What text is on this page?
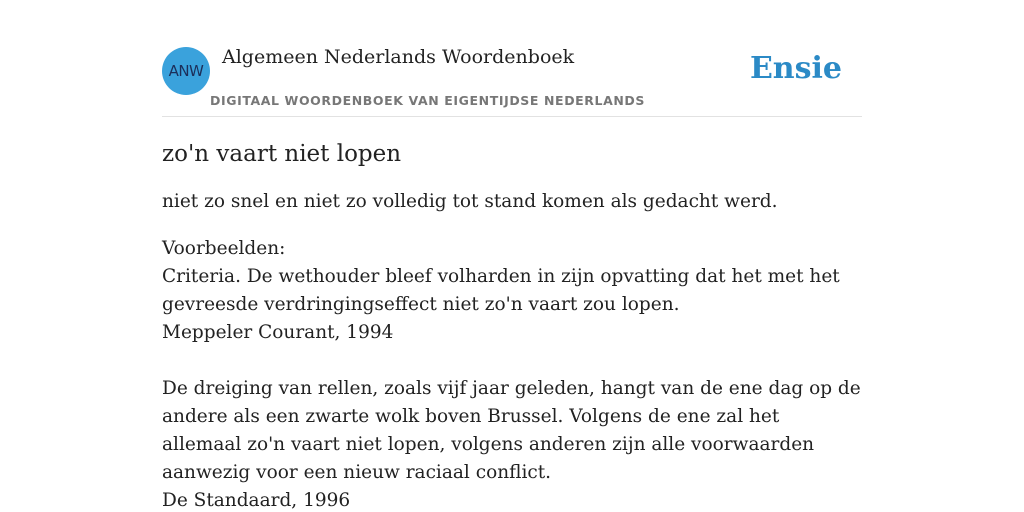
ANW
Algemeen Nederlands Woordenboek
DIGITAAL WOORDENBOEK VAN EIGENTIJDSE NEDERLANDS
Ensie
zo'n vaart niet lopen

niet zo snel en niet zo volledig tot stand komen als gedacht werd.

Voorbeelden:

Criteria. De wethouder bleef volharden in zijn opvatting dat het met het gevreesde verdringingseffect niet zo'n vaart zou lopen.

Meppeler Courant, 1994

De dreiging van rellen, zoals vijf jaar geleden, hangt van de ene dag op de andere als een zwarte wolk boven Brussel. Volgens de ene zal het allemaal zo'n vaart niet lopen, volgens anderen zijn alle voorwaarden aanwezig voor een nieuw raciaal conflict.

De Standaard, 1996
